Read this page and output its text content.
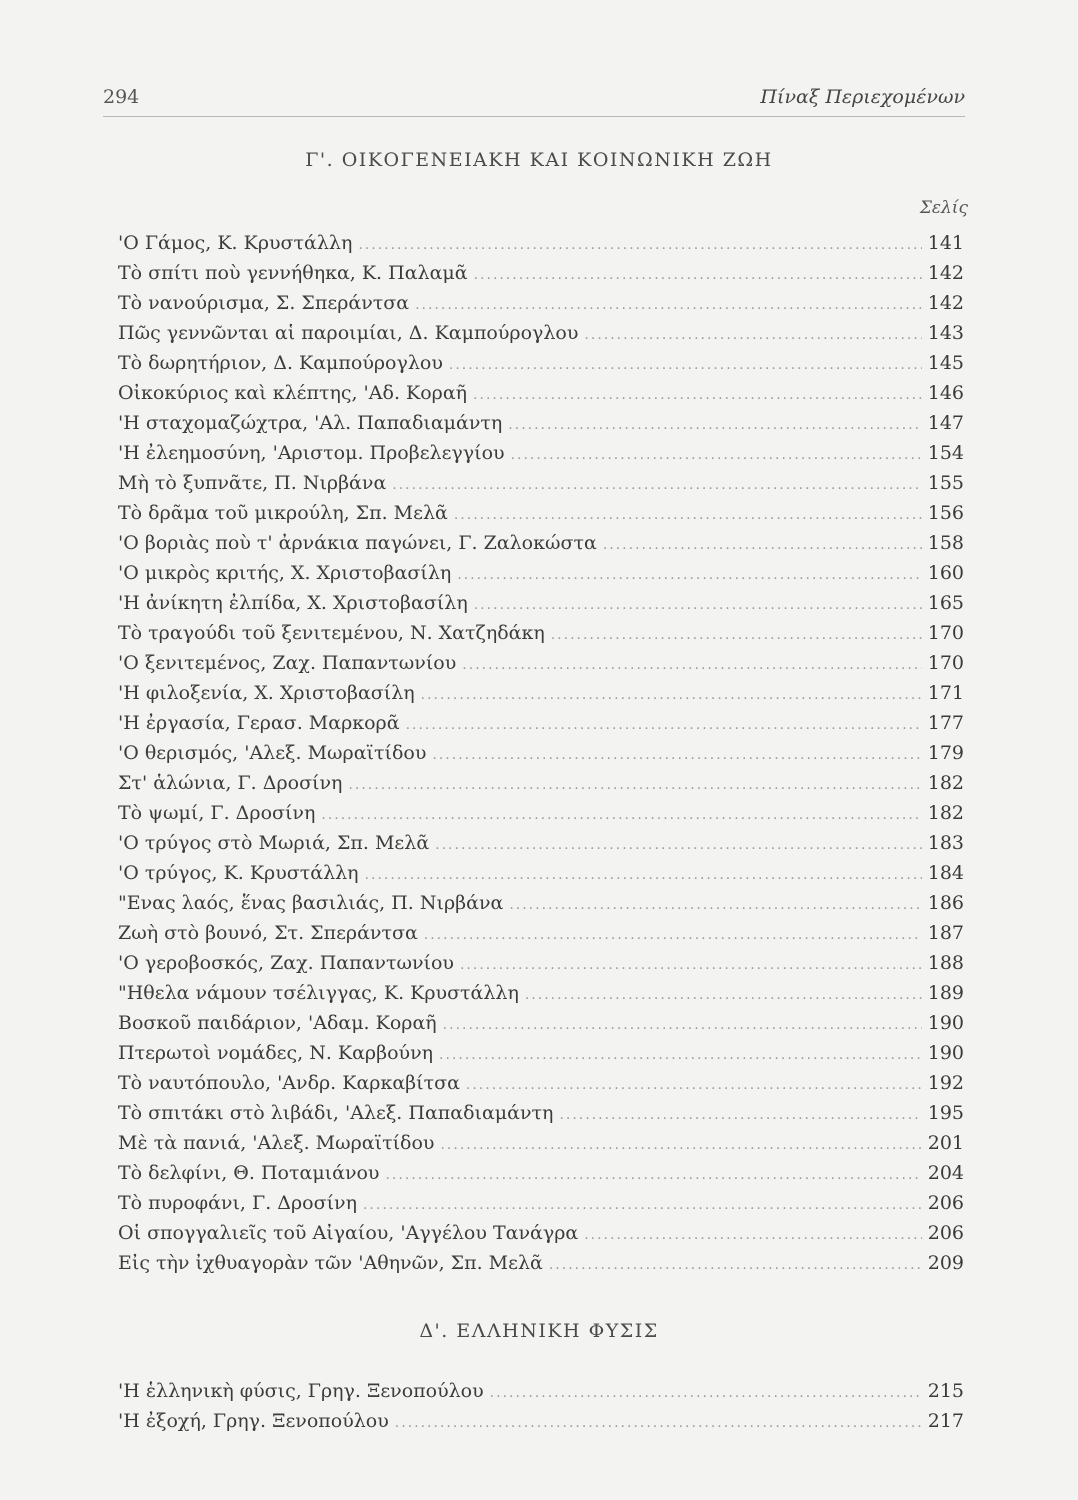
294	Πίναξ Περιεχομένων
Γ'. ΟΙΚΟΓΕΝΕΙΑΚΗ ΚΑΙ ΚΟΙΝΩΝΙΚΗ ΖΩΗ
Σελίς
'Ο Γάμος, Κ. Κρυστάλλη .....	141
Τὸ σπίτι ποὺ γεννήθηκα, Κ. Παλαμᾶ .....	142
Τὸ νανούρισμα, Σ. Σπεράντσα .....	142
Πῶς γεννῶνται αἱ παροιμίαι, Δ. Καμπούρογλου .....	143
Τὸ δωρητήριον, Δ. Καμπούρογλου .....	145
Οἰκοκύριος καὶ κλέπτης, 'Αδ. Κοραῆ .....	146
'Η σταχομαζώχτρα, 'Αλ. Παπαδιαμάντη .....	147
'Η ἐλεημοσύνη, 'Αριστομ. Προβελεγγίου .....	154
Μὴ τὸ ξυπνᾶτε, Π. Νιρβάνα .....	155
Τὸ δρᾶμα τοῦ μικρούλη, Σπ. Μελᾶ .....	156
'Ο βοριὰς ποὺ τ' ἀρνάκια παγώνει, Γ. Ζαλοκώστα .....	158
'Ο μικρὸς κριτής, Χ. Χριστοβασίλη .....	160
'Η ἀνίκητη ἐλπίδα, Χ. Χριστοβασίλη .....	165
Τὸ τραγούδι τοῦ ξενιτεμένου, Ν. Χατζηδάκη .....	170
'Ο ξενιτεμένος, Ζαχ. Παπαντωνίου .....	170
'Η φιλοξενία, Χ. Χριστοβασίλη .....	171
'Η ἐργασία, Γερασ. Μαρκορᾶ .....	177
'Ο θερισμός, 'Αλεξ. Μωραϊτίδου .....	179
Στ' ἁλώνια, Γ. Δροσίνη .....	182
Τὸ ψωμί, Γ. Δροσίνη .....	182
'Ο τρύγος στὸ Μωριά, Σπ. Μελᾶ .....	183
'Ο τρύγος, Κ. Κρυστάλλη .....	184
"Ενας λαός, ἕνας βασιλιάς, Π. Νιρβάνα .....	186
Ζωὴ στὸ βουνό, Στ. Σπεράντσα .....	187
'Ο γεροβοσκός, Ζαχ. Παπαντωνίου .....	188
"Ηθελα νάμουν τσέλιγγας, Κ. Κρυστάλλη .....	189
Βοσκοῦ παιδάριον, 'Αδαμ. Κοραῆ .....	190
Πτερωτοὶ νομάδες, Ν. Καρβούνη .....	190
Τὸ ναυτόπουλο, 'Ανδρ. Καρκαβίτσα .....	192
Τὸ σπιτάκι στὸ λιβάδι, 'Αλεξ. Παπαδιαμάντη .....	195
Μὲ τὰ πανιά, 'Αλεξ. Μωραϊτίδου .....	201
Τὸ δελφίνι, Θ. Ποταμιάνου .....	204
Τὸ πυροφάνι, Γ. Δροσίνη .....	206
Οἱ σπογγαλιεῖς τοῦ Αἰγαίου, 'Αγγέλου Τανάγρα .....	206
Εἰς τὴν ἰχθυαγορὰν τῶν 'Αθηνῶν, Σπ. Μελᾶ .....	209
Δ'. ΕΛΛΗΝΙΚΗ ΦΥΣΙΣ
'Η ἑλληνικὴ φύσις, Γρηγ. Ξενοπούλου .....	215
'Η ἐξοχή, Γρηγ. Ξενοπούλου .....	217
